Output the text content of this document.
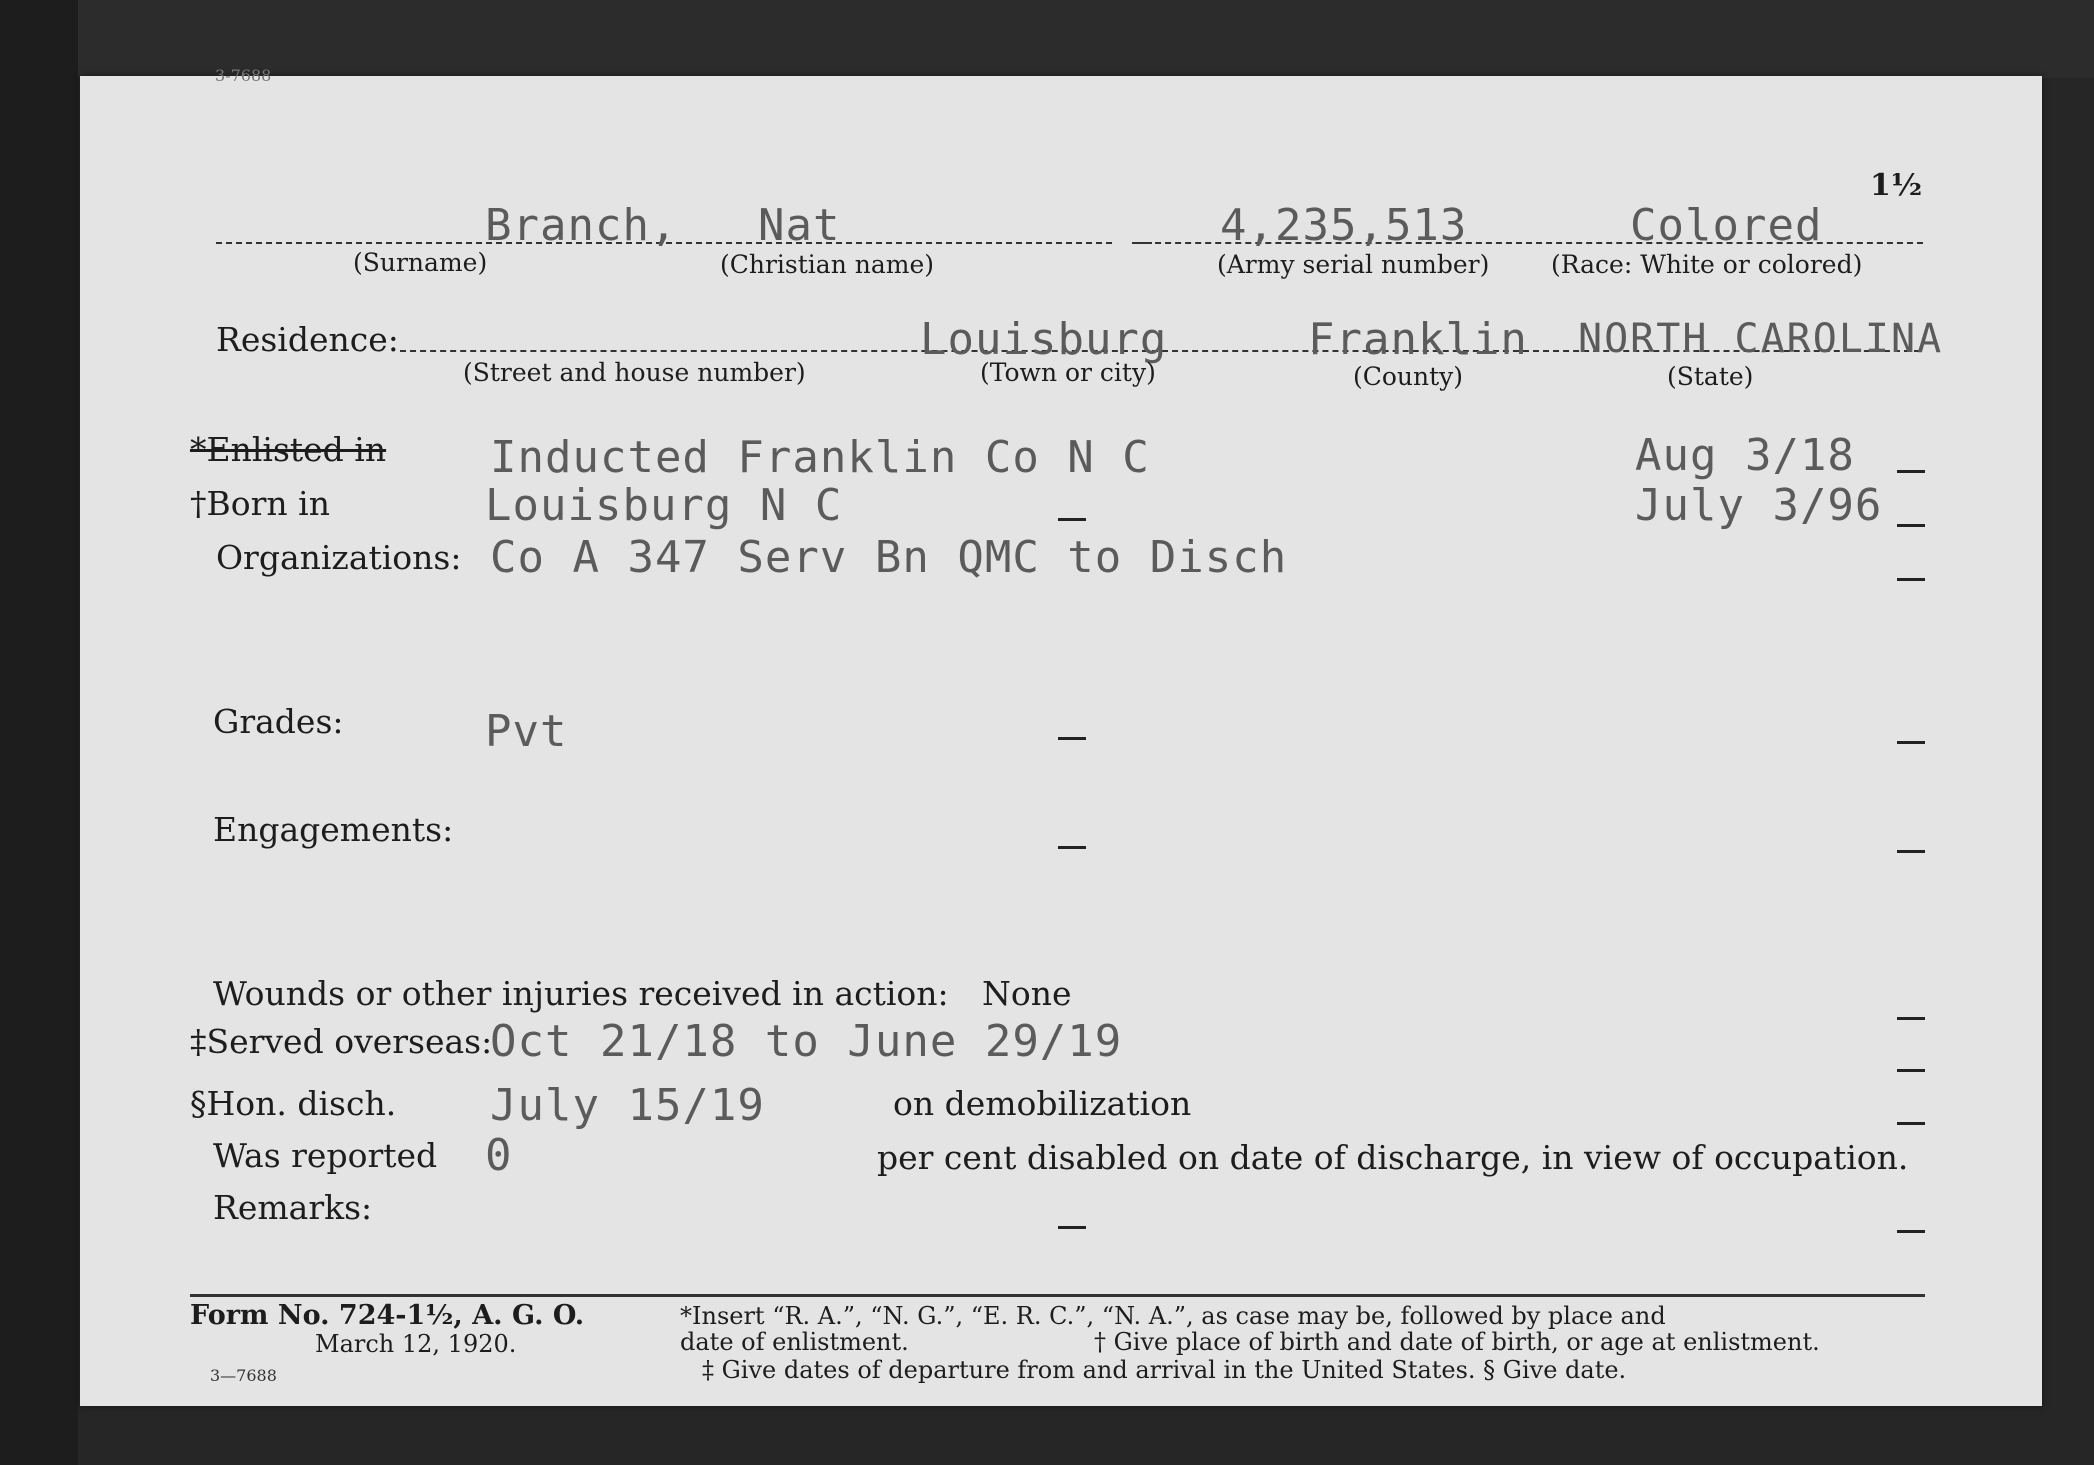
3-7688
1½
Branch, Nat	4,235,513	Colored
(Surname)	(Christian name)	(Army serial number) (Race: White or colored)
Residence:	Louisburg	Franklin NORTH CAROLINA
(Street and house number)	(Town or city)	(County)	(State)
*Enlisted in Inducted Franklin Co N C	Aug 3/18
†Born in	Louisburg N C	July 3/96
Organizations: Co A 347 Serv Bn QMC to Disch
Grades:	Pvt
Engagements:
Wounds or other injuries received in action: None
‡Served overseas:
Oct 21/18 to June 29/19
§Hon. disch. July 15/19	on demobilization
Was reported 0	per cent disabled on date of discharge, in view of occupation.
Remarks:
Form No. 724-1½, A. G. O.
March 12, 1920.
3—7688
*Insert “R. A.”, “N. G.”, “E. R. C.”, “N. A.”, as case may be, followed by place and
date of enlistment.	† Give place of birth and date of birth, or age at enlistment.
‡ Give dates of departure from and arrival in the United States. § Give date.
